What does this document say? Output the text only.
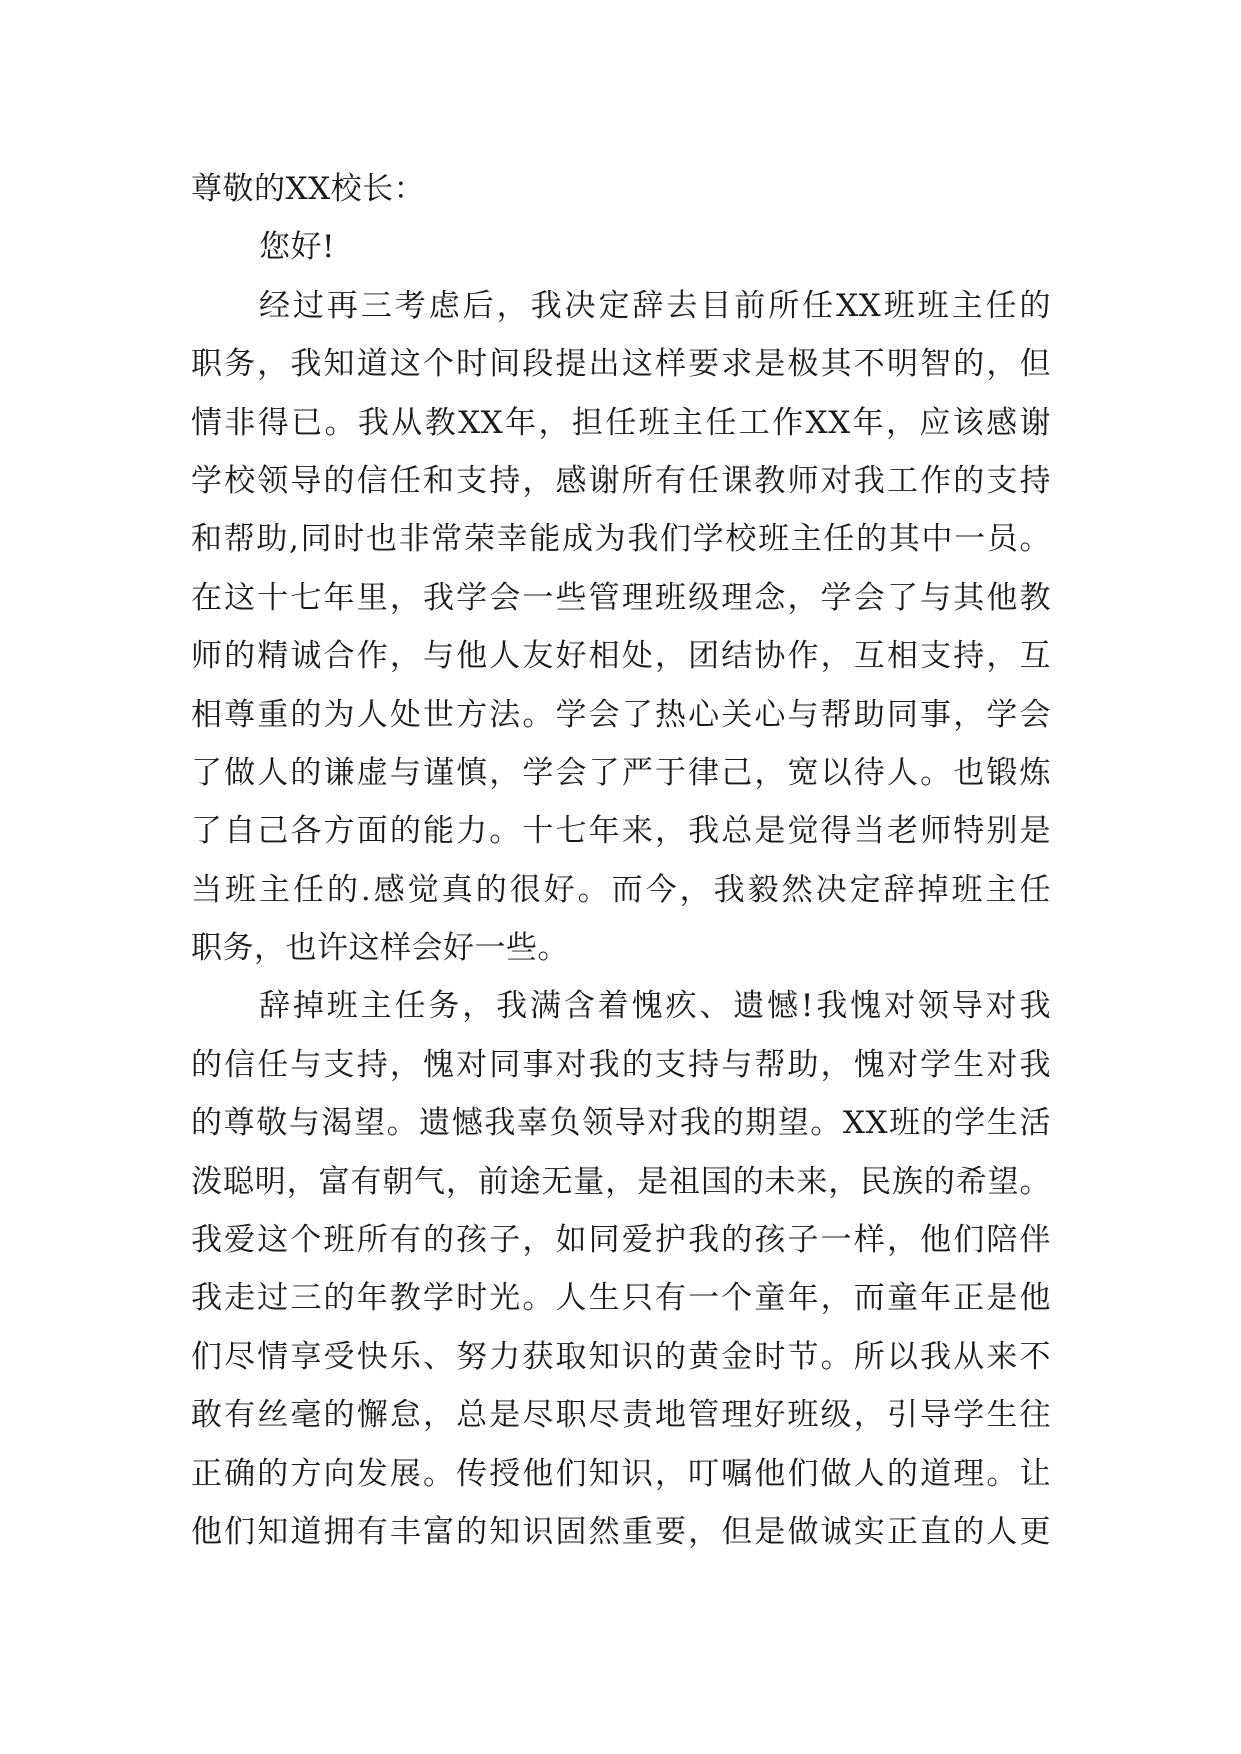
尊敬的XX校长：
您好!
经过再三考虑后，我决定辞去目前所任XX班班主任的
职务，我知道这个时间段提出这样要求是极其不明智的，但
情非得已。我从教XX年，担任班主任工作XX年，应该感谢
学校领导的信任和支持，感谢所有任课教师对我工作的支持
和帮助,同时也非常荣幸能成为我们学校班主任的其中一员。
在这十七年里，我学会一些管理班级理念，学会了与其他教
师的精诚合作，与他人友好相处，团结协作，互相支持，互
相尊重的为人处世方法。学会了热心关心与帮助同事，学会
了做人的谦虚与谨慎，学会了严于律己，宽以待人。也锻炼
了自己各方面的能力。十七年来，我总是觉得当老师特别是
当班主任的.感觉真的很好。而今，我毅然决定辞掉班主任
职务，也许这样会好一些。
辞掉班主任务，我满含着愧疚、遗憾!我愧对领导对我
的信任与支持，愧对同事对我的支持与帮助，愧对学生对我
的尊敬与渴望。遗憾我辜负领导对我的期望。XX班的学生活
泼聪明，富有朝气，前途无量，是祖国的未来，民族的希望。
我爱这个班所有的孩子，如同爱护我的孩子一样，他们陪伴
我走过三的年教学时光。人生只有一个童年，而童年正是他
们尽情享受快乐、努力获取知识的黄金时节。所以我从来不
敢有丝毫的懈怠，总是尽职尽责地管理好班级，引导学生往
正确的方向发展。传授他们知识，叮嘱他们做人的道理。让
他们知道拥有丰富的知识固然重要，但是做诚实正直的人更
